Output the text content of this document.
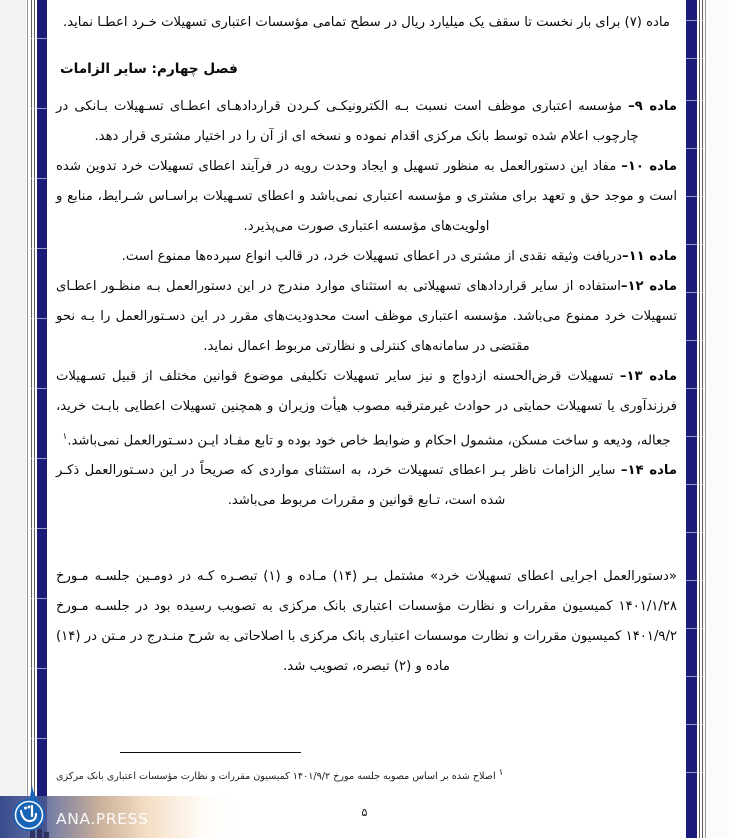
ماده (۷) برای بار نخست تا سقف یک میلیارد ریال در سطح تمامی مؤسسات اعتباری تسهیلات خـرد اعطـا نماید.

فصل چهارم: سایر الزامات

ماده ۹– مؤسسه اعتباری موظف است نسبت بـه الکترونیکـی کـردن قراردادهـای اعطـای تسـهیلات بـانکی در چارچوب اعلام شده توسط بانک مرکزی اقدام نموده و نسخه ای از آن را در اختیار مشتری قرار دهد.

ماده ۱۰– مفاد این دستورالعمل به منظور تسهیل و ایجاد وحدت رویه در فرآیند اعطای تسهیلات خرد تدوین شده است و موجد حق و تعهد برای مشتری و مؤسسه اعتباری نمی‌باشد و اعطای تسـهیلات براسـاس شـرایط، منابع و اولویت‌های مؤسسه اعتباری صورت می‌پذیرد.

ماده ۱۱–دریافت وثیقه نقدی از مشتری در اعطای تسهیلات خرد، در قالب انواع سپرده‌ها ممنوع است.

ماده ۱۲–استفاده از سایر قراردادهای تسهیلاتی به استثنای موارد مندرج در این دستورالعمل بـه منظـور اعطـای تسهیلات خرد ممنوع می‌باشد. مؤسسه اعتباری موظف است محدودیت‌های مقرر در این دسـتورالعمل را بـه نحو مقتضی در سامانه‌های کنترلی و نظارتی مربوط اعمال نماید.

ماده ۱۳– تسهیلات قرض‌الحسنه ازدواج و نیز سایر تسهیلات تکلیفی موضوع قوانین مختلف از قبیل تسـهیلات فرزندآوری یا تسهیلات حمایتی در حوادث غیرمترقبه مصوب هیأت وزیران و همچنین تسهیلات اعطایی بابـت خرید، جعاله، ودیعه و ساخت مسکن، مشمول احکام و ضوابط خاص خود بوده و تابع مفـاد ایـن دسـتورالعمل نمی‌باشد.$^۱$

ماده ۱۴– سایر الزامات ناظر بـر اعطای تسهیلات خرد، به استثنای مواردی که صریحاً در این دسـتورالعمل ذکـر شده است، تـابع قوانین و مقررات مربوط می‌باشد.

«دستورالعمل اجرایی اعطای تسهیلات خرد» مشتمل بـر (۱۴) مـاده و (۱) تبصـره کـه در دومـین جلسـه مـورخ ۱۴۰۱/۱/۲۸ کمیسیون مقررات و نظارت مؤسسات اعتباری بانک مرکزی به تصویب رسیده بود در جلسـه مـورخ ۱۴۰۱/۹/۲ کمیسیون مقررات و نظارت موسسات اعتباری بانک مرکزی با اصلاحاتی به شرح منـدرج در مـتن در (۱۴) ماده و (۲) تبصره، تصویب شد.

۱ اصلاح شده بر اساس مصوبه جلسه مورخ ۱۴۰۱/۹/۲ کمیسیون مقررات و نظارت مؤسسات اعتباری بانک مرکزی
۵
ANA.PRESS
